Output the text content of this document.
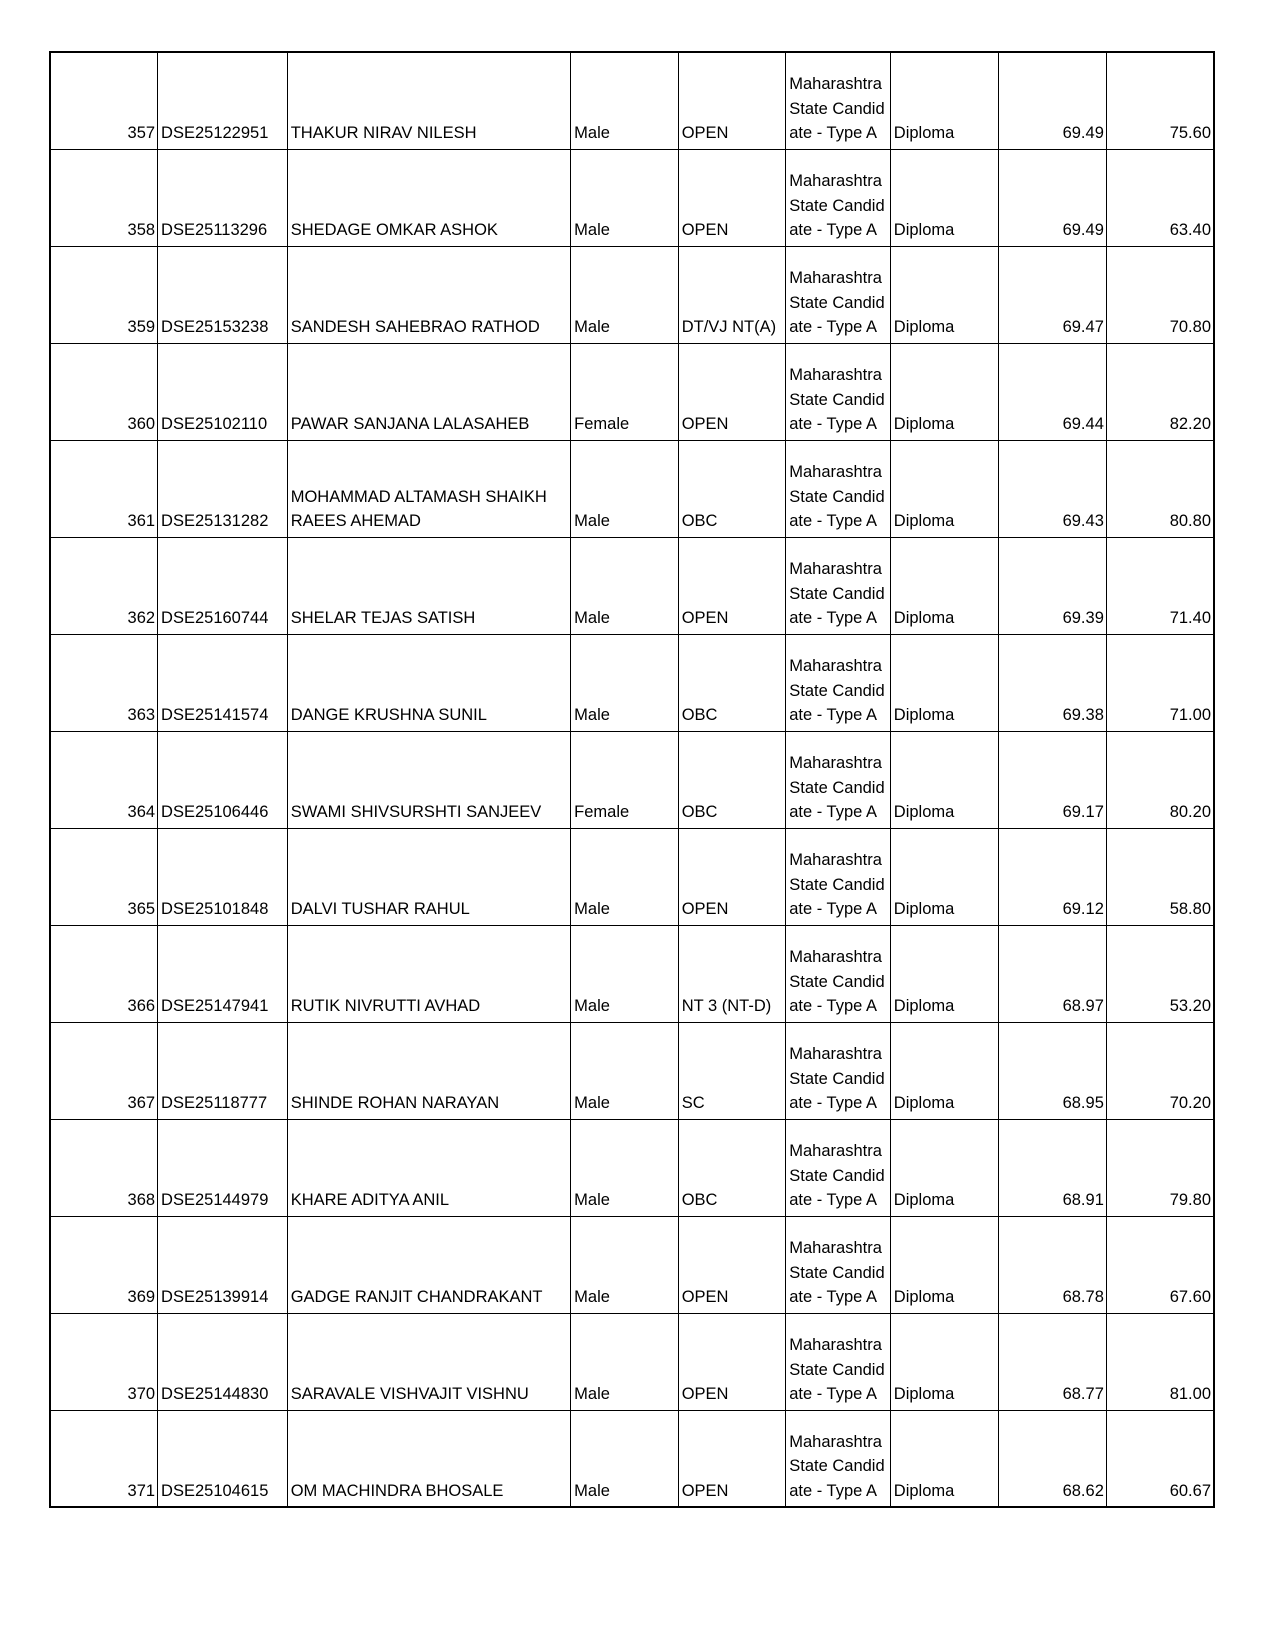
357	DSE25122951	THAKUR NIRAV NILESH	Male	OPEN	Maharashtra State Candidate - Type A	Diploma	69.49	75.60
358	DSE25113296	SHEDAGE OMKAR ASHOK	Male	OPEN	Maharashtra State Candidate - Type A	Diploma	69.49	63.40
359	DSE25153238	SANDESH SAHEBRAO RATHOD	Male	DT/VJ NT(A)	Maharashtra State Candidate - Type A	Diploma	69.47	70.80
360	DSE25102110	PAWAR SANJANA LALASAHEB	Female	OPEN	Maharashtra State Candidate - Type A	Diploma	69.44	82.20
361	DSE25131282	MOHAMMAD ALTAMASH SHAIKH RAEES AHEMAD	Male	OBC	Maharashtra State Candidate - Type A	Diploma	69.43	80.80
362	DSE25160744	SHELAR TEJAS SATISH	Male	OPEN	Maharashtra State Candidate - Type A	Diploma	69.39	71.40
363	DSE25141574	DANGE KRUSHNA SUNIL	Male	OBC	Maharashtra State Candidate - Type A	Diploma	69.38	71.00
364	DSE25106446	SWAMI SHIVSURSHTI SANJEEV	Female	OBC	Maharashtra State Candidate - Type A	Diploma	69.17	80.20
365	DSE25101848	DALVI TUSHAR RAHUL	Male	OPEN	Maharashtra State Candidate - Type A	Diploma	69.12	58.80
366	DSE25147941	RUTIK NIVRUTTI AVHAD	Male	NT 3 (NT-D)	Maharashtra State Candidate - Type A	Diploma	68.97	53.20
367	DSE25118777	SHINDE ROHAN NARAYAN	Male	SC	Maharashtra State Candidate - Type A	Diploma	68.95	70.20
368	DSE25144979	KHARE ADITYA ANIL	Male	OBC	Maharashtra State Candidate - Type A	Diploma	68.91	79.80
369	DSE25139914	GADGE RANJIT CHANDRAKANT	Male	OPEN	Maharashtra State Candidate - Type A	Diploma	68.78	67.60
370	DSE25144830	SARAVALE VISHVAJIT VISHNU	Male	OPEN	Maharashtra State Candidate - Type A	Diploma	68.77	81.00
371	DSE25104615	OM MACHINDRA BHOSALE	Male	OPEN	Maharashtra State Candidate - Type A	Diploma	68.62	60.67
